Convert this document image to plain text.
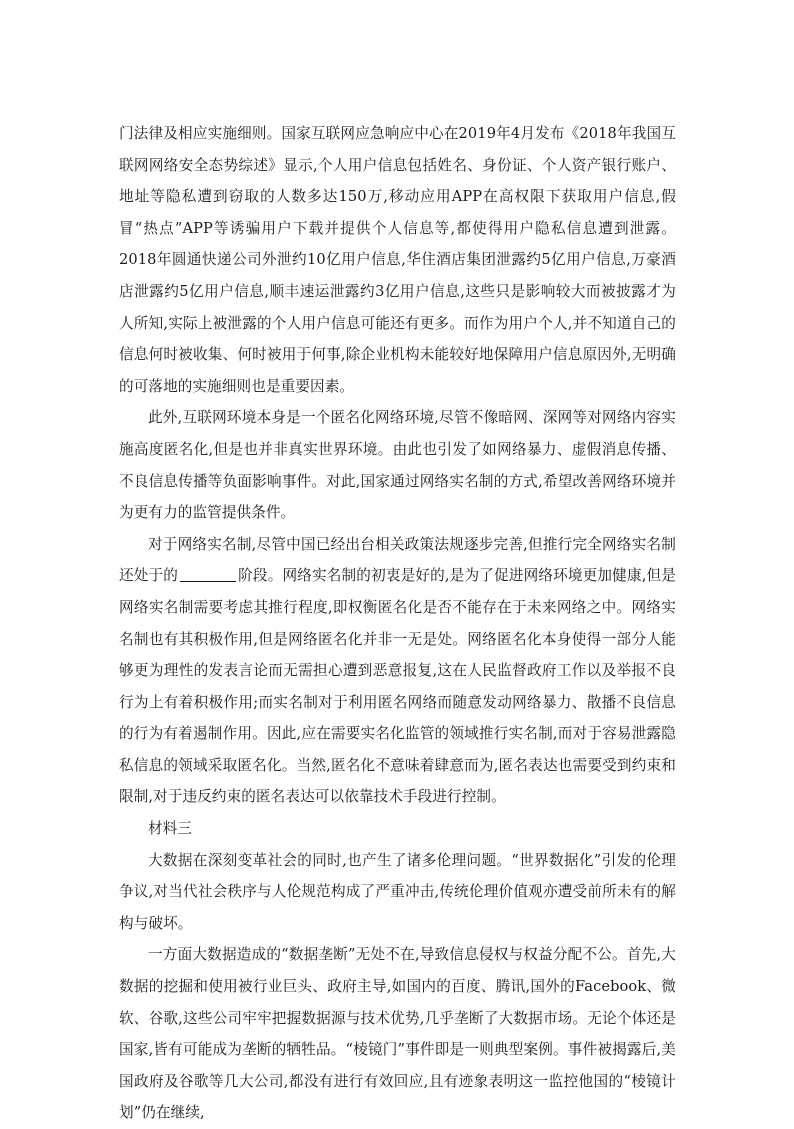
门法律及相应实施细则。国家互联网应急响应中心在2019年4月发布《2018年我国互联网网络安全态势综述》显示,个人用户信息包括姓名、身份证、个人资产银行账户、地址等隐私遭到窃取的人数多达150万,移动应用APP在高权限下获取用户信息,假冒“热点”APP等诱骗用户下载并提供个人信息等,都使得用户隐私信息遭到泄露。2018年圆通快递公司外泄约10亿用户信息,华住酒店集团泄露约5亿用户信息,万豪酒店泄露约5亿用户信息,顺丰速运泄露约3亿用户信息,这些只是影响较大而被披露才为人所知,实际上被泄露的个人用户信息可能还有更多。而作为用户个人,并不知道自己的信息何时被收集、何时被用于何事,除企业机构未能较好地保障用户信息原因外,无明确的可落地的实施细则也是重要因素。

此外,互联网环境本身是一个匿名化网络环境,尽管不像暗网、深网等对网络内容实施高度匿名化,但是也并非真实世界环境。由此也引发了如网络暴力、虚假消息传播、不良信息传播等负面影响事件。对此,国家通过网络实名制的方式,希望改善网络环境并为更有力的监管提供条件。

对于网络实名制,尽管中国已经出台相关政策法规逐步完善,但推行完全网络实名制还处于的	阶段。网络实名制的初衷是好的,是为了促进网络环境更加健康,但是网络实名制需要考虑其推行程度,即权衡匿名化是否不能存在于未来网络之中。网络实名制也有其积极作用,但是网络匿名化并非一无是处。网络匿名化本身使得一部分人能够更为理性的发表言论而无需担心遭到恶意报复,这在人民监督政府工作以及举报不良行为上有着积极作用;而实名制对于利用匿名网络而随意发动网络暴力、散播不良信息的行为有着遏制作用。因此,应在需要实名化监管的领域推行实名制,而对于容易泄露隐私信息的领域采取匿名化。当然,匿名化不意味着肆意而为,匿名表达也需要受到约束和限制,对于违反约束的匿名表达可以依靠技术手段进行控制。

材料三

大数据在深刻变革社会的同时,也产生了诸多伦理问题。“世界数据化”引发的伦理争议,对当代社会秩序与人伦规范构成了严重冲击,传统伦理价值观亦遭受前所未有的解构与破坏。

一方面大数据造成的“数据垄断”无处不在,导致信息侵权与权益分配不公。首先,大数据的挖掘和使用被行业巨头、政府主导,如国内的百度、腾讯,国外的Facebook、微软、谷歌,这些公司牢牢把握数据源与技术优势,几乎垄断了大数据市场。无论个体还是国家,皆有可能成为垄断的牺牲品。“棱镜门”事件即是一则典型案例。事件被揭露后,美国政府及谷歌等几大公司,都没有进行有效回应,且有迹象表明这一监控他国的“棱镜计划”仍在继续,
